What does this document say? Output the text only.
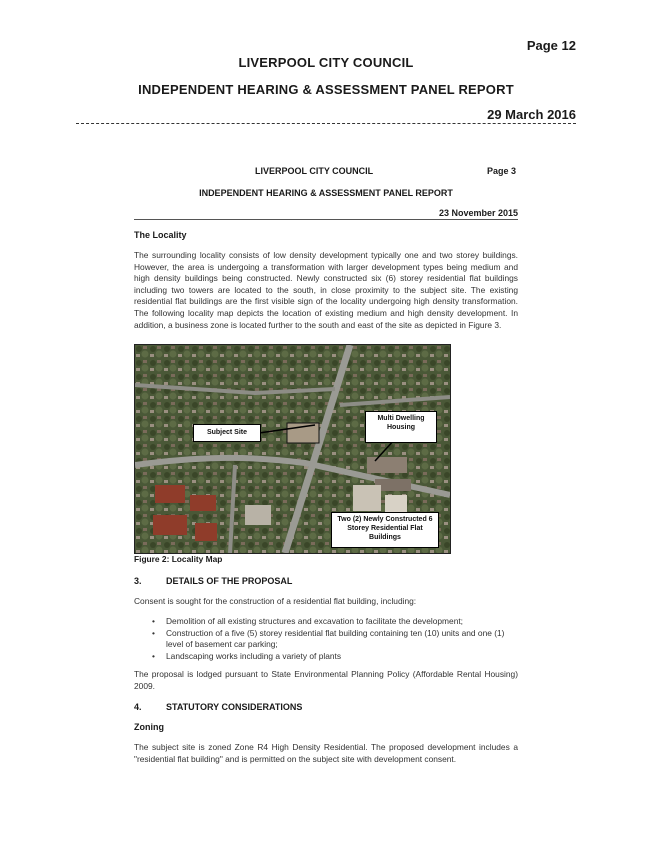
Page 12
LIVERPOOL CITY COUNCIL
INDEPENDENT HEARING & ASSESSMENT PANEL REPORT
29 March 2016
LIVERPOOL CITY COUNCIL	Page 3
INDEPENDENT HEARING & ASSESSMENT PANEL REPORT
23 November 2015
The Locality
The surrounding locality consists of low density development typically one and two storey buildings. However, the area is undergoing a transformation with larger development types being medium and high density buildings being constructed. Newly constructed six (6) storey residential flat buildings including two towers are located to the south, in close proximity to the subject site. The existing residential flat buildings are the first visible sign of the locality undergoing high density transformation. The following locality map depicts the location of existing medium and high density development. In addition, a business zone is located further to the south and east of the site as depicted in Figure 3.
Subject Site
Multi Dwelling Housing
Two (2) Newly Constructed 6 Storey Residential Flat Buildings
Figure 2: Locality Map
3.	DETAILS OF THE PROPOSAL
Consent is sought for the construction of a residential flat building, including:
• Demolition of all existing structures and excavation to facilitate the development;
• Construction of a five (5) storey residential flat building containing ten (10) units and one (1) level of basement car parking;
• Landscaping works including a variety of plants
The proposal is lodged pursuant to State Environmental Planning Policy (Affordable Rental Housing) 2009.
4.	STATUTORY CONSIDERATIONS
Zoning
The subject site is zoned Zone R4 High Density Residential. The proposed development includes a "residential flat building" and is permitted on the subject site with development consent.
